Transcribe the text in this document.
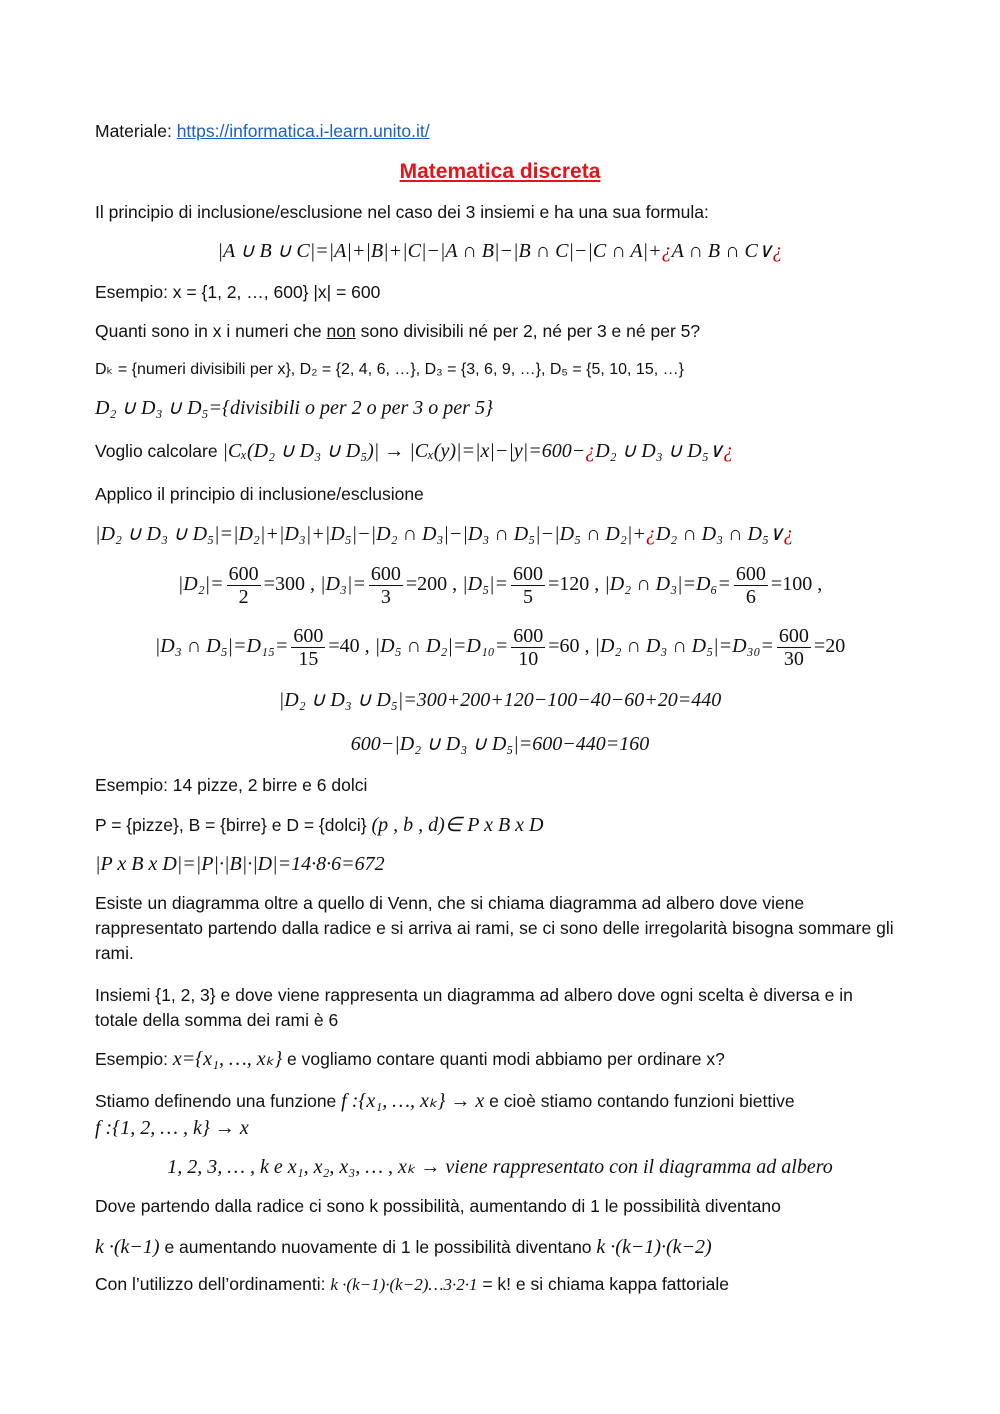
Materiale: https://informatica.i-learn.unito.it/
Matematica discreta
Il principio di inclusione/esclusione nel caso dei 3 insiemi e ha una sua formula:
|A ∪ B ∪ C|=|A|+|B|+|C|−|A ∩ B|−|B ∩ C|−|C ∩ A|+¿A ∩ B ∩ C∨¿
Esempio: x = {1, 2, …, 600} |x| = 600
Quanti sono in x i numeri che non sono divisibili né per 2, né per 3 e né per 5?
Dₖ = {numeri divisibili per x}, D₂ = {2, 4, 6, …}, D₃ = {3, 6, 9, …}, D₅ = {5, 10, 15, …}
D₂ ∪ D₃ ∪ D₅={divisibili o per 2 o per 3 o per 5}
Voglio calcolare |Cₓ(D₂ ∪ D₃ ∪ D₅)| → |Cₓ(y)|=|x|−|y|=600−¿D₂ ∪ D₃ ∪ D₅∨¿
Applico il principio di inclusione/esclusione
|D₂ ∪ D₃ ∪ D₅|=|D₂|+|D₃|+|D₅|−|D₂ ∩ D₃|−|D₃ ∩ D₅|−|D₅ ∩ D₂|+¿D₂ ∩ D₃ ∩ D₅∨¿
$|D_2|= \frac{600}{2} =300$ , $|D_3|= \frac{600}{3} =200$ , $|D_5|= \frac{600}{5} =120$ , |D₂ ∩ $D_3|=D_6= \frac{600}{6} =100$ ,
|D₃ ∩ $D_5|=D_{15}= \frac{600}{15} =40$ , |D₅ ∩ $D_2|=D_{10}= \frac{600}{10} =60$ , |D₂ ∩ D₃ ∩ $D_5|=D_{30}= \frac{600}{30} =20$
|D₂ ∪ D₃ ∪ D₅|=300+200+120−100−40−60+20=440
600−|D₂ ∪ D₃ ∪ D₅|=600−440=160
Esempio: 14 pizze, 2 birre e 6 dolci
P = {pizze}, B = {birre} e D = {dolci} (p , b , d)∈ P x B x D
|P x B x D|=|P|·|B|·|D|=14·8·6=672
Esiste un diagramma oltre a quello di Venn, che si chiama diagramma ad albero dove viene rappresentato partendo dalla radice e si arriva ai rami, se ci sono delle irregolarità bisogna sommare gli rami.
Insiemi {1, 2, 3} e dove viene rappresenta un diagramma ad albero dove ogni scelta è diversa e in totale della somma dei rami è 6
Esempio: x={x₁, …, xₖ} e vogliamo contare quanti modi abbiamo per ordinare x?
Stiamo definendo una funzione f :{x₁, …, xₖ} → x e cioè stiamo contando funzioni biettive
f :{1, 2, … , k} → x
1, 2, 3, … , k e x₁, x₂, x₃, … , xₖ → viene rappresentato con il diagramma ad albero
Dove partendo dalla radice ci sono k possibilità, aumentando di 1 le possibilità diventano
k ·(k−1) e aumentando nuovamente di 1 le possibilità diventano k ·(k−1)·(k−2)
Con l’utilizzo dell’ordinamenti: k ·(k−1)·(k−2)…3·2·1 = k! e si chiama kappa fattoriale
